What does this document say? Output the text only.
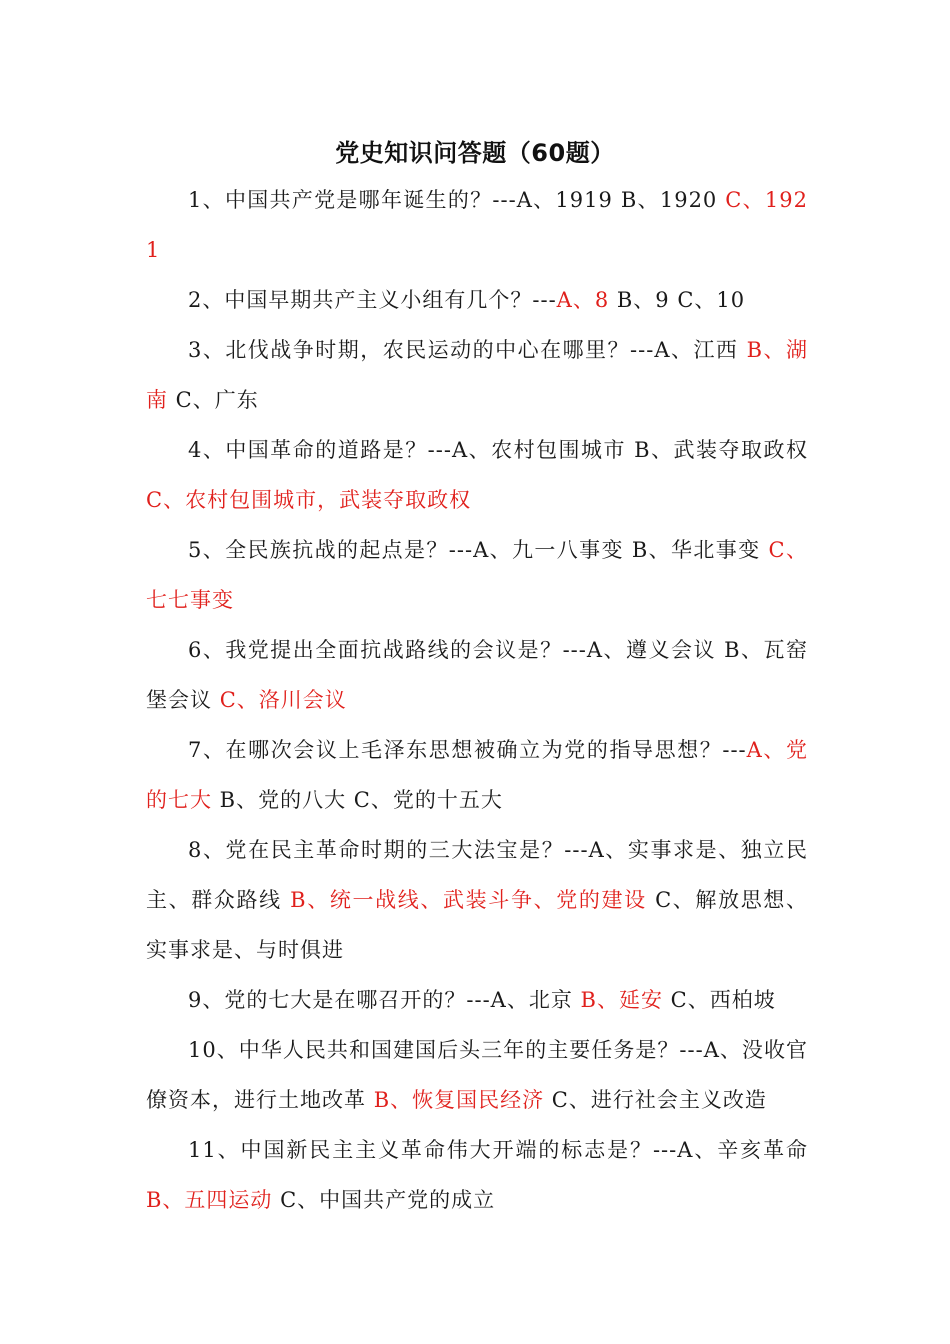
党史知识问答题（60题）

1、中国共产党是哪年诞生的？---A、1919 B、1920 C、1921

2、中国早期共产主义小组有几个？---A、8 B、9 C、10

3、北伐战争时期，农民运动的中心在哪里？---A、江西 B、湖南 C、广东

4、中国革命的道路是？---A、农村包围城市 B、武装夺取政权 C、农村包围城市，武装夺取政权

5、全民族抗战的起点是？---A、九一八事变 B、华北事变 C、七七事变

6、我党提出全面抗战路线的会议是？---A、遵义会议 B、瓦窑堡会议 C、洛川会议

7、在哪次会议上毛泽东思想被确立为党的指导思想？---A、党的七大 B、党的八大 C、党的十五大

8、党在民主革命时期的三大法宝是？---A、实事求是、独立民主、群众路线 B、统一战线、武装斗争、党的建设 C、解放思想、实事求是、与时俱进

9、党的七大是在哪召开的？---A、北京 B、延安 C、西柏坡

10、中华人民共和国建国后头三年的主要任务是？---A、没收官僚资本，进行土地改革 B、恢复国民经济 C、进行社会主义改造

11、中国新民主主义革命伟大开端的标志是？---A、辛亥革命 B、五四运动 C、中国共产党的成立
